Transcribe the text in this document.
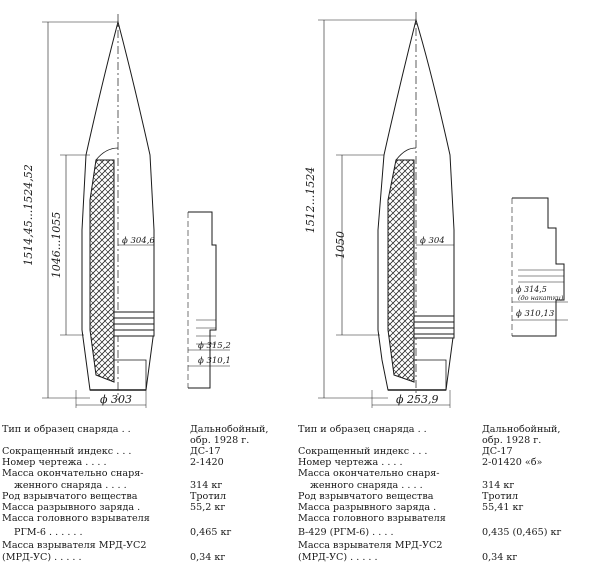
1514,45...1524,52 1046...1055	ϕ 304,6
ϕ 315,2
ϕ 310,1
ϕ 303
1512...1524
1050	ϕ 304
ϕ 314,5
(до накатки)
ϕ 310,13
ϕ 253,9
Тип и образец снаряда . .	Дальнобойный,
обр. 1928 г.
Сокращенный индекс . . .	ДС-17
Номер чертежа . . . .	2-1420
Масса окончательно снаря-
женного снаряда . . . .	314 кг
Род взрывчатого вещества	Тротил
Масса разрывного заряда .	55,2 кг
Масса головного взрывателя
РГМ-6 . . . . . .	0,465 кг
Масса взрывателя МРД-УС2
(МРД-УС) . . . . .	0,34 кг
Тип и образец снаряда . .	Дальнобойный,
обр. 1928 г.
Сокращенный индекс . . .	ДС-17
Номер чертежа . . . .	2-01420 «б»
Масса окончательно снаря-
женного снаряда . . . .	314 кг
Род взрывчатого вещества	Тротил
Масса разрывного заряда .	55,41 кг
Масса головного взрывателя
В-429 (РГМ-6) . . . .	0,435 (0,465) кг
Масса взрывателя МРД-УС2
(МРД-УС) . . . . .	0,34 кг
